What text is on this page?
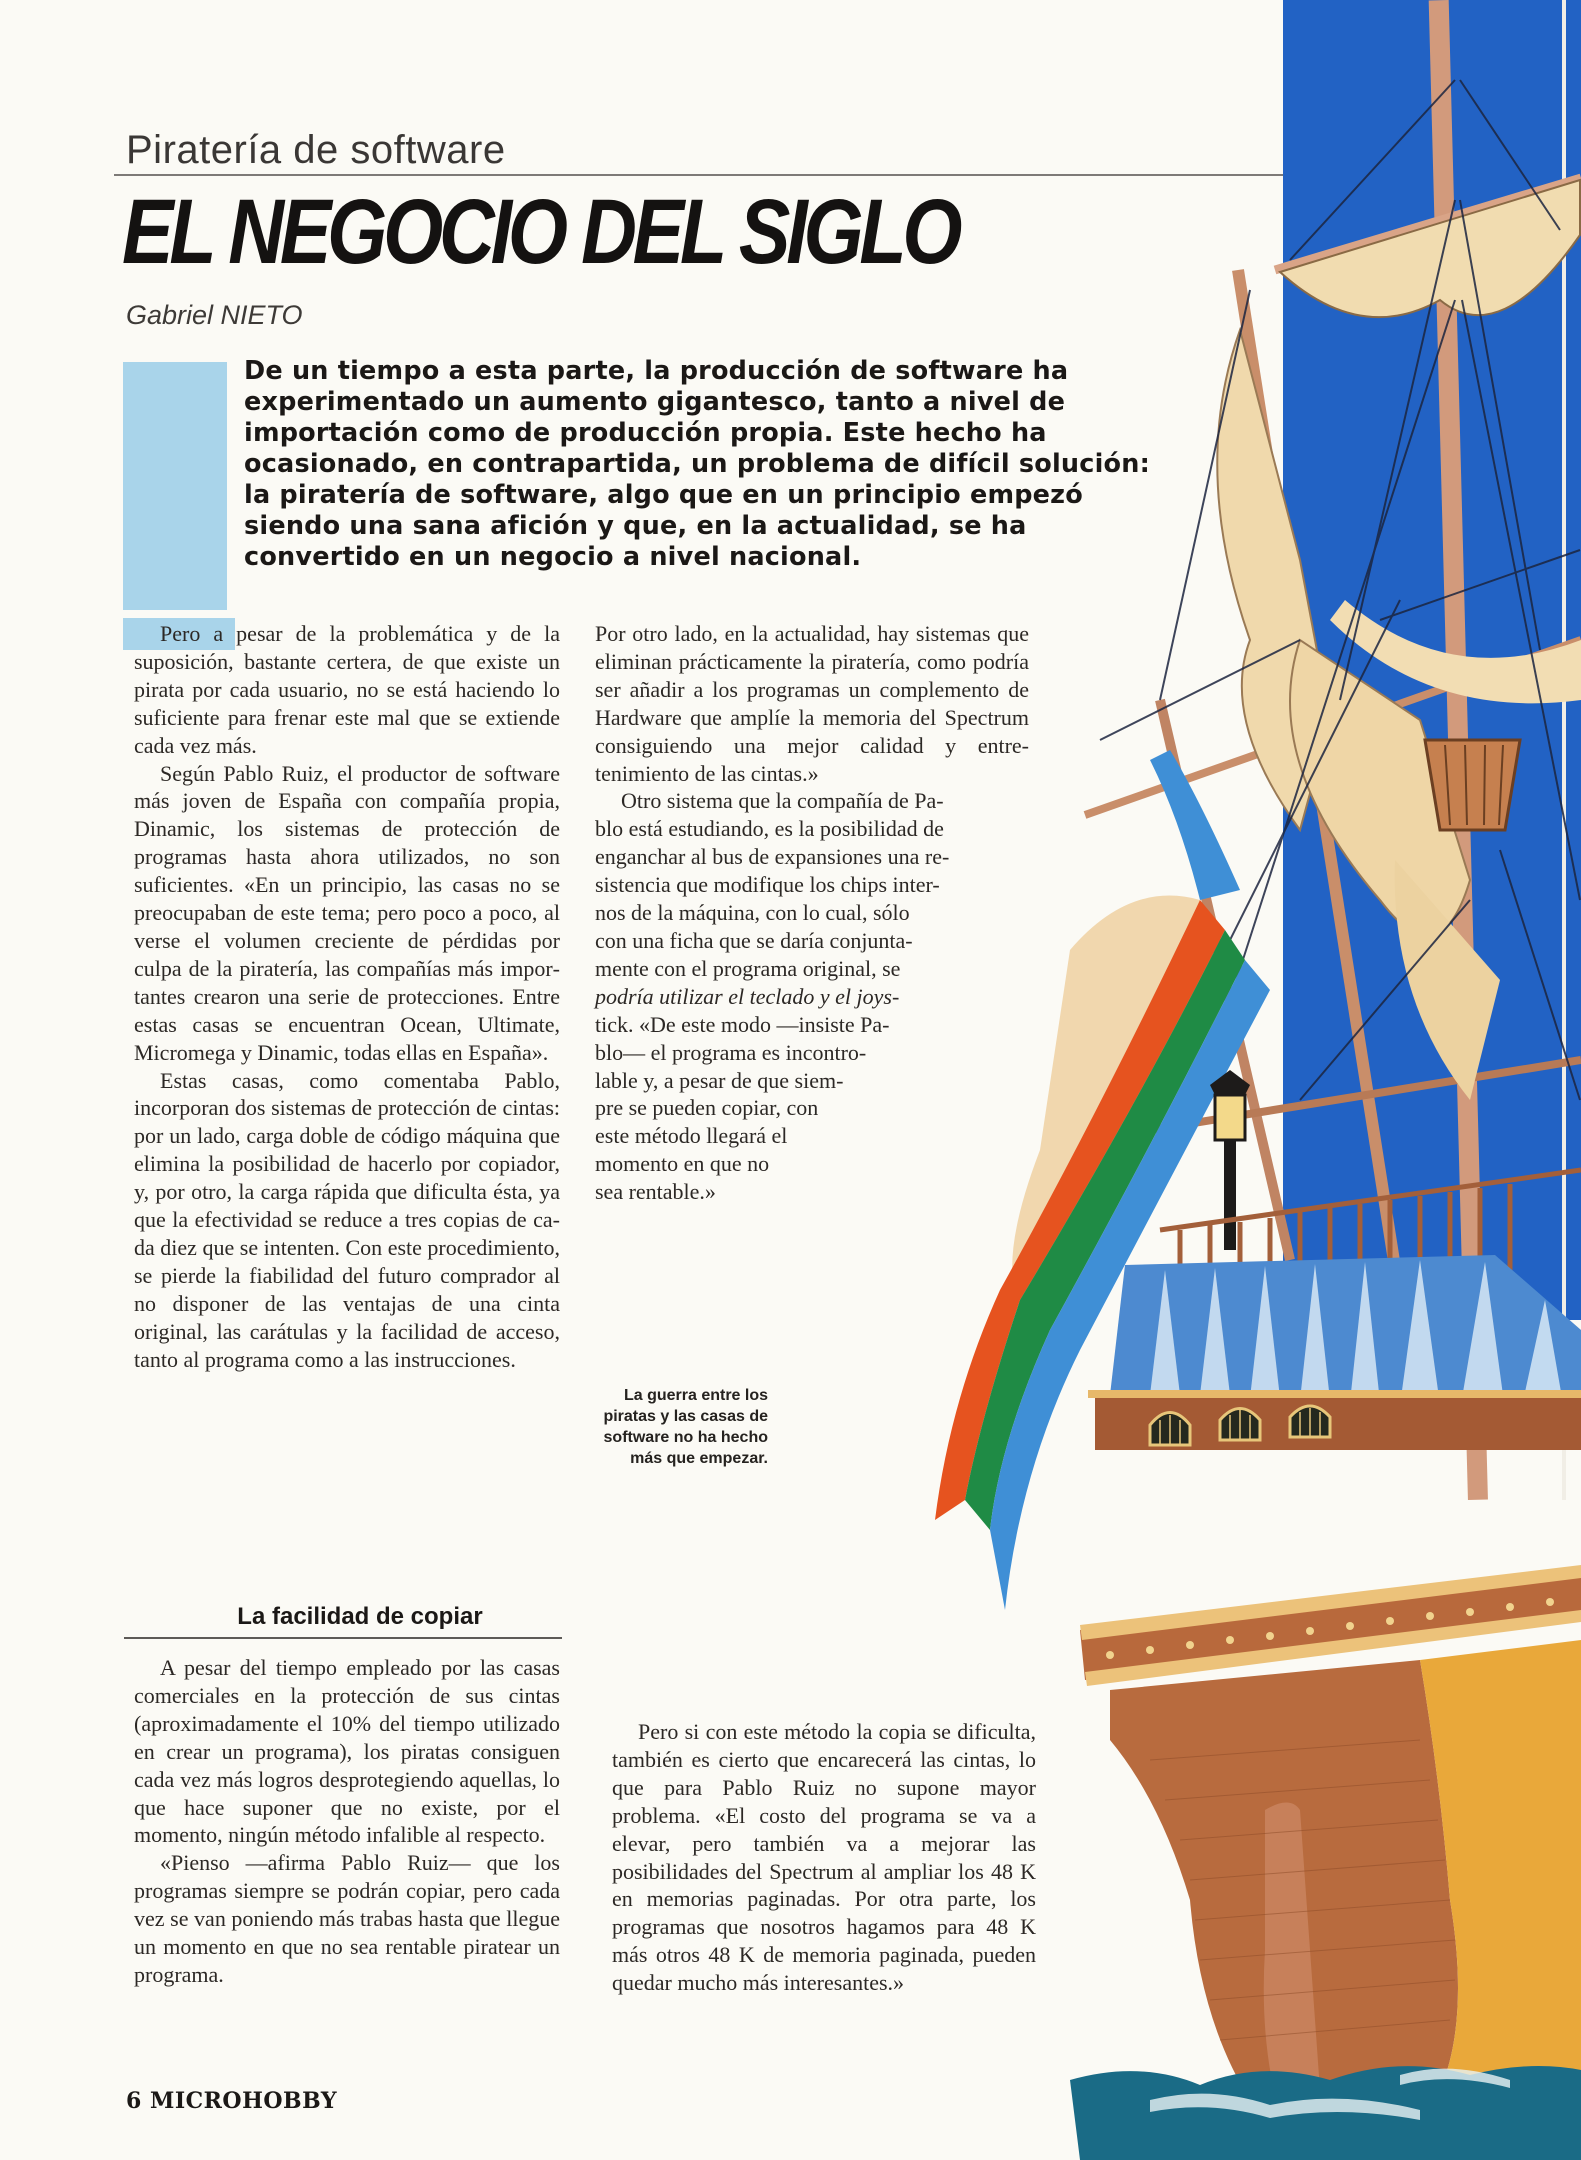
Piratería de software
EL NEGOCIO DEL SIGLO
Gabriel NIETO
De un tiempo a esta parte, la producción de software ha experimentado un aumento gigantesco, tanto a nivel de importación como de producción propia. Este hecho ha ocasionado, en contrapartida, un problema de difícil solución: la piratería de software, algo que en un principio empezó siendo una sana afición y que, en la actualidad, se ha convertido en un negocio a nivel nacional.

Pero a pesar de la problemática y de la suposición, bastante certera, de que existe un pirata por cada usuario, no se está haciendo lo suficiente para frenar este mal que se extiende cada vez más.

Según Pablo Ruiz, el productor de software más joven de España con compañía propia, Dinamic, los sistemas de protección de programas hasta ahora utilizados, no son suficientes. «En un principio, las casas no se preocupaban de este tema; pero poco a poco, al verse el volumen creciente de pérdidas por culpa de la piratería, las compañías más importantes crearon una serie de protecciones. Entre estas casas se encuentran Ocean, Ultimate, Micromega y Dinamic, todas ellas en España».

Estas casas, como comentaba Pablo, incorporan dos sistemas de protección de cintas: por un lado, carga doble de código máquina que elimina la posibilidad de hacerlo por copiador, y, por otro, la carga rápida que dificulta ésta, ya que la efectividad se reduce a tres copias de cada diez que se intenten. Con este procedimiento, se pierde la fiabilidad del futuro comprador al no disponer de las ventajas de una cinta original, las carátulas y la facilidad de acceso, tanto al programa como a las instrucciones.

La facilidad de copiar

A pesar del tiempo empleado por las casas comerciales en la protección de sus cintas (aproximadamente el 10% del tiempo utilizado en crear un programa), los piratas consiguen cada vez más logros desprotegiendo aquellas, lo que hace suponer que no existe, por el momento, ningún método infalible al respecto.

«Pienso —afirma Pablo Ruiz— que los programas siempre se podrán copiar, pero cada vez se van poniendo más trabas hasta que llegue un momento en que no sea rentable piratear un programa.

Por otro lado, en la actualidad, hay sistemas que eliminan prácticamente la piratería, como podría ser añadir a los programas un complemento de Hardware que amplíe la memoria del Spectrum consiguiendo una mejor calidad y entretenimiento de las cintas.»

Otro sistema que la compañía de Pa-
blo está estudiando, es la posibilidad de
enganchar al bus de expansiones una re-
sistencia que modifique los chips inter-
nos de la máquina, con lo cual, sólo
con una ficha que se daría conjunta-
mente con el programa original, se
podría utilizar el teclado y el joys-
tick. «De este modo —insiste Pa-
blo— el programa es incontro-
lable y, a pesar de que siem-
pre se pueden copiar, con
este método llegará el
momento en que no
sea rentable.»
La guerra entre los piratas y las casas de software no ha hecho más que empezar.

Pero si con este método la copia se dificulta, también es cierto que encarecerá las cintas, lo que para Pablo Ruiz no supone mayor problema. «El costo del programa se va a elevar, pero también va a mejorar las posibilidades del Spectrum al ampliar los 48 K en memorias paginadas. Por otra parte, los programas que nosotros hagamos para 48 K más otros 48 K de memoria paginada, pueden quedar mucho más interesantes.»

6 MICROHOBBY
